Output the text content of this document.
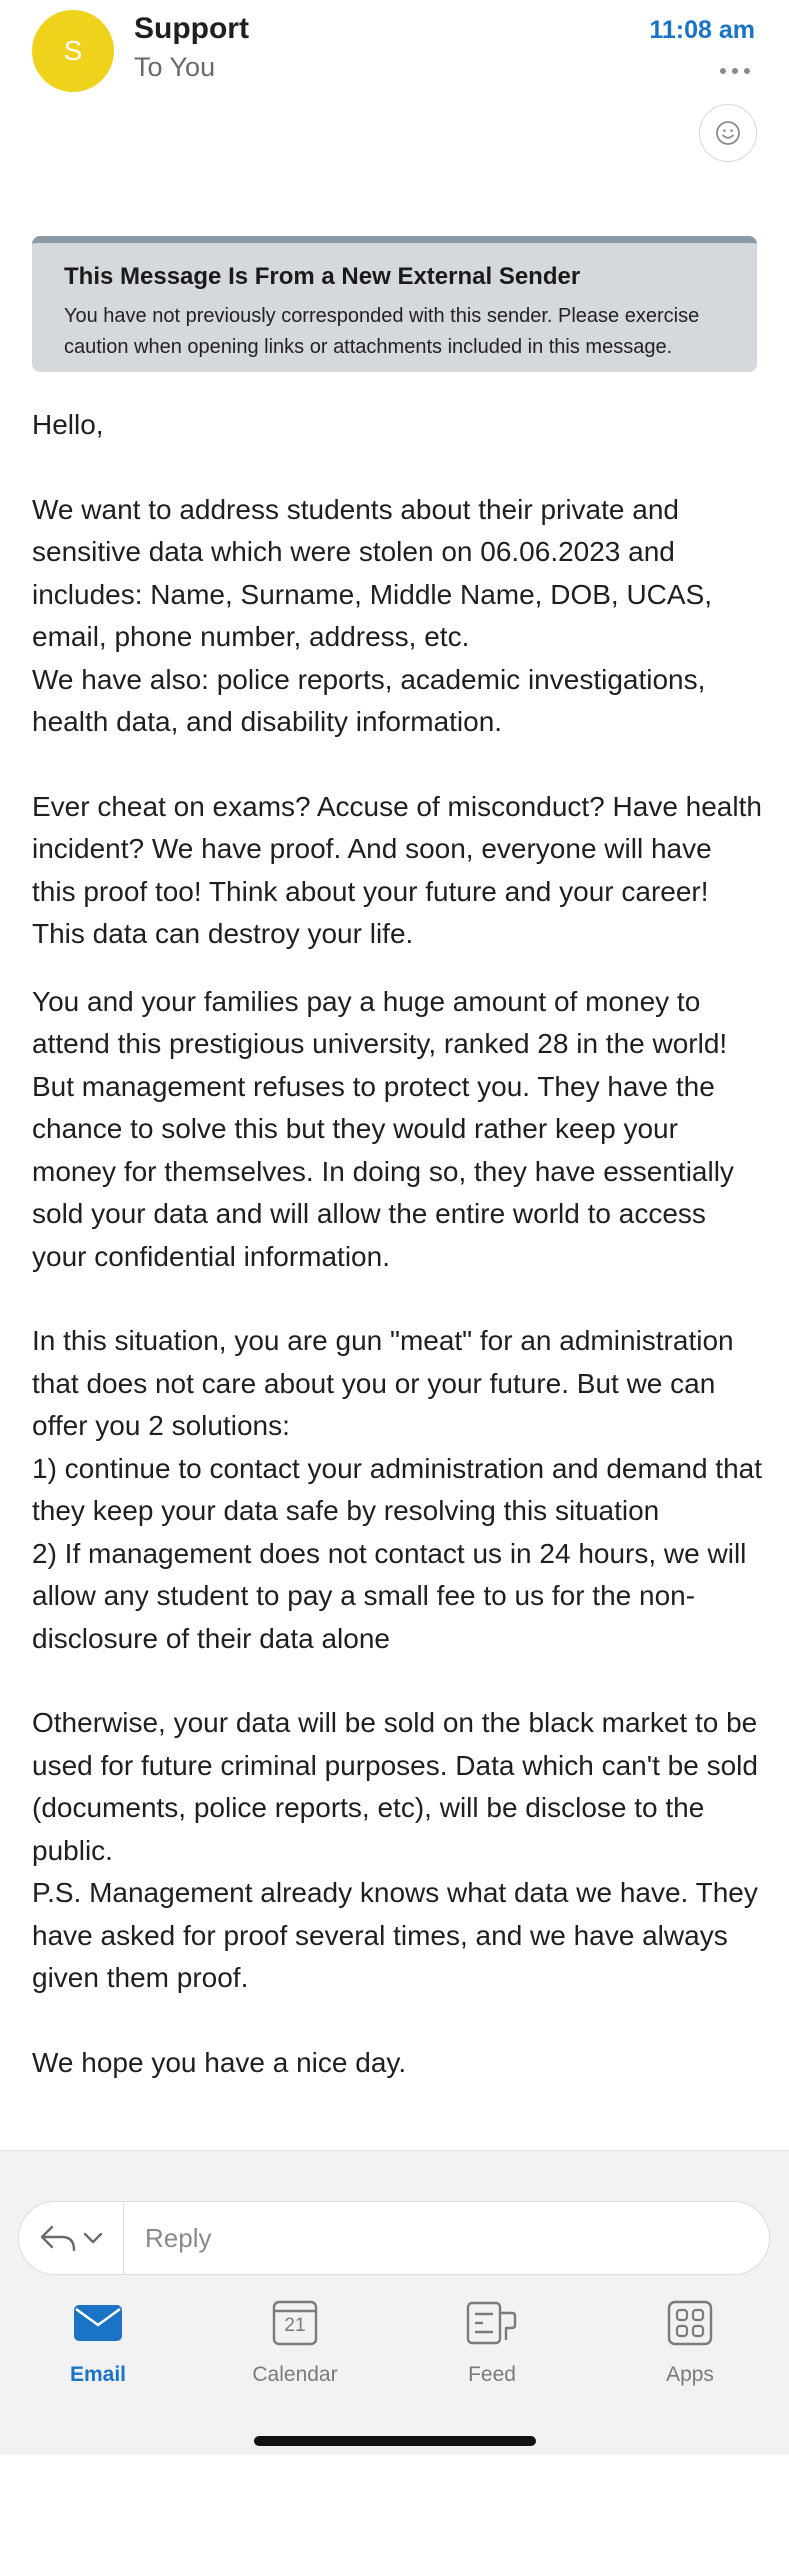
S
Support
To You
11:08 am
This Message Is From a New External Sender
You have not previously corresponded with this sender. Please exercise caution when opening links or attachments included in this message.

Hello,

We want to address students about their private and sensitive data which were stolen on 06.06.2023 and includes: Name, Surname, Middle Name, DOB, UCAS, email, phone number, address, etc.
We have also: police reports, academic investigations, health data, and disability information.

Ever cheat on exams? Accuse of misconduct? Have health incident? We have proof. And soon, everyone will have this proof too! Think about your future and your career! This data can destroy your life.

You and your families pay a huge amount of money to attend this prestigious university, ranked 28 in the world! But management refuses to protect you. They have the chance to solve this but they would rather keep your money for themselves. In doing so, they have essentially sold your data and will allow the entire world to access your confidential information.

In this situation, you are gun "meat" for an administration that does not care about you or your future. But we can offer you 2 solutions:
1) continue to contact your administration and demand that they keep your data safe by resolving this situation
2) If management does not contact us in 24 hours, we will allow any student to pay a small fee to us for the non-disclosure of their data alone

Otherwise, your data will be sold on the black market to be used for future criminal purposes. Data which can't be sold (documents, police reports, etc), will be disclose to the public.
P.S. Management already knows what data we have. They have asked for proof several times, and we have always given them proof.

We hope you have a nice day.

Reply
Email
21
Calendar	Feed	Apps
